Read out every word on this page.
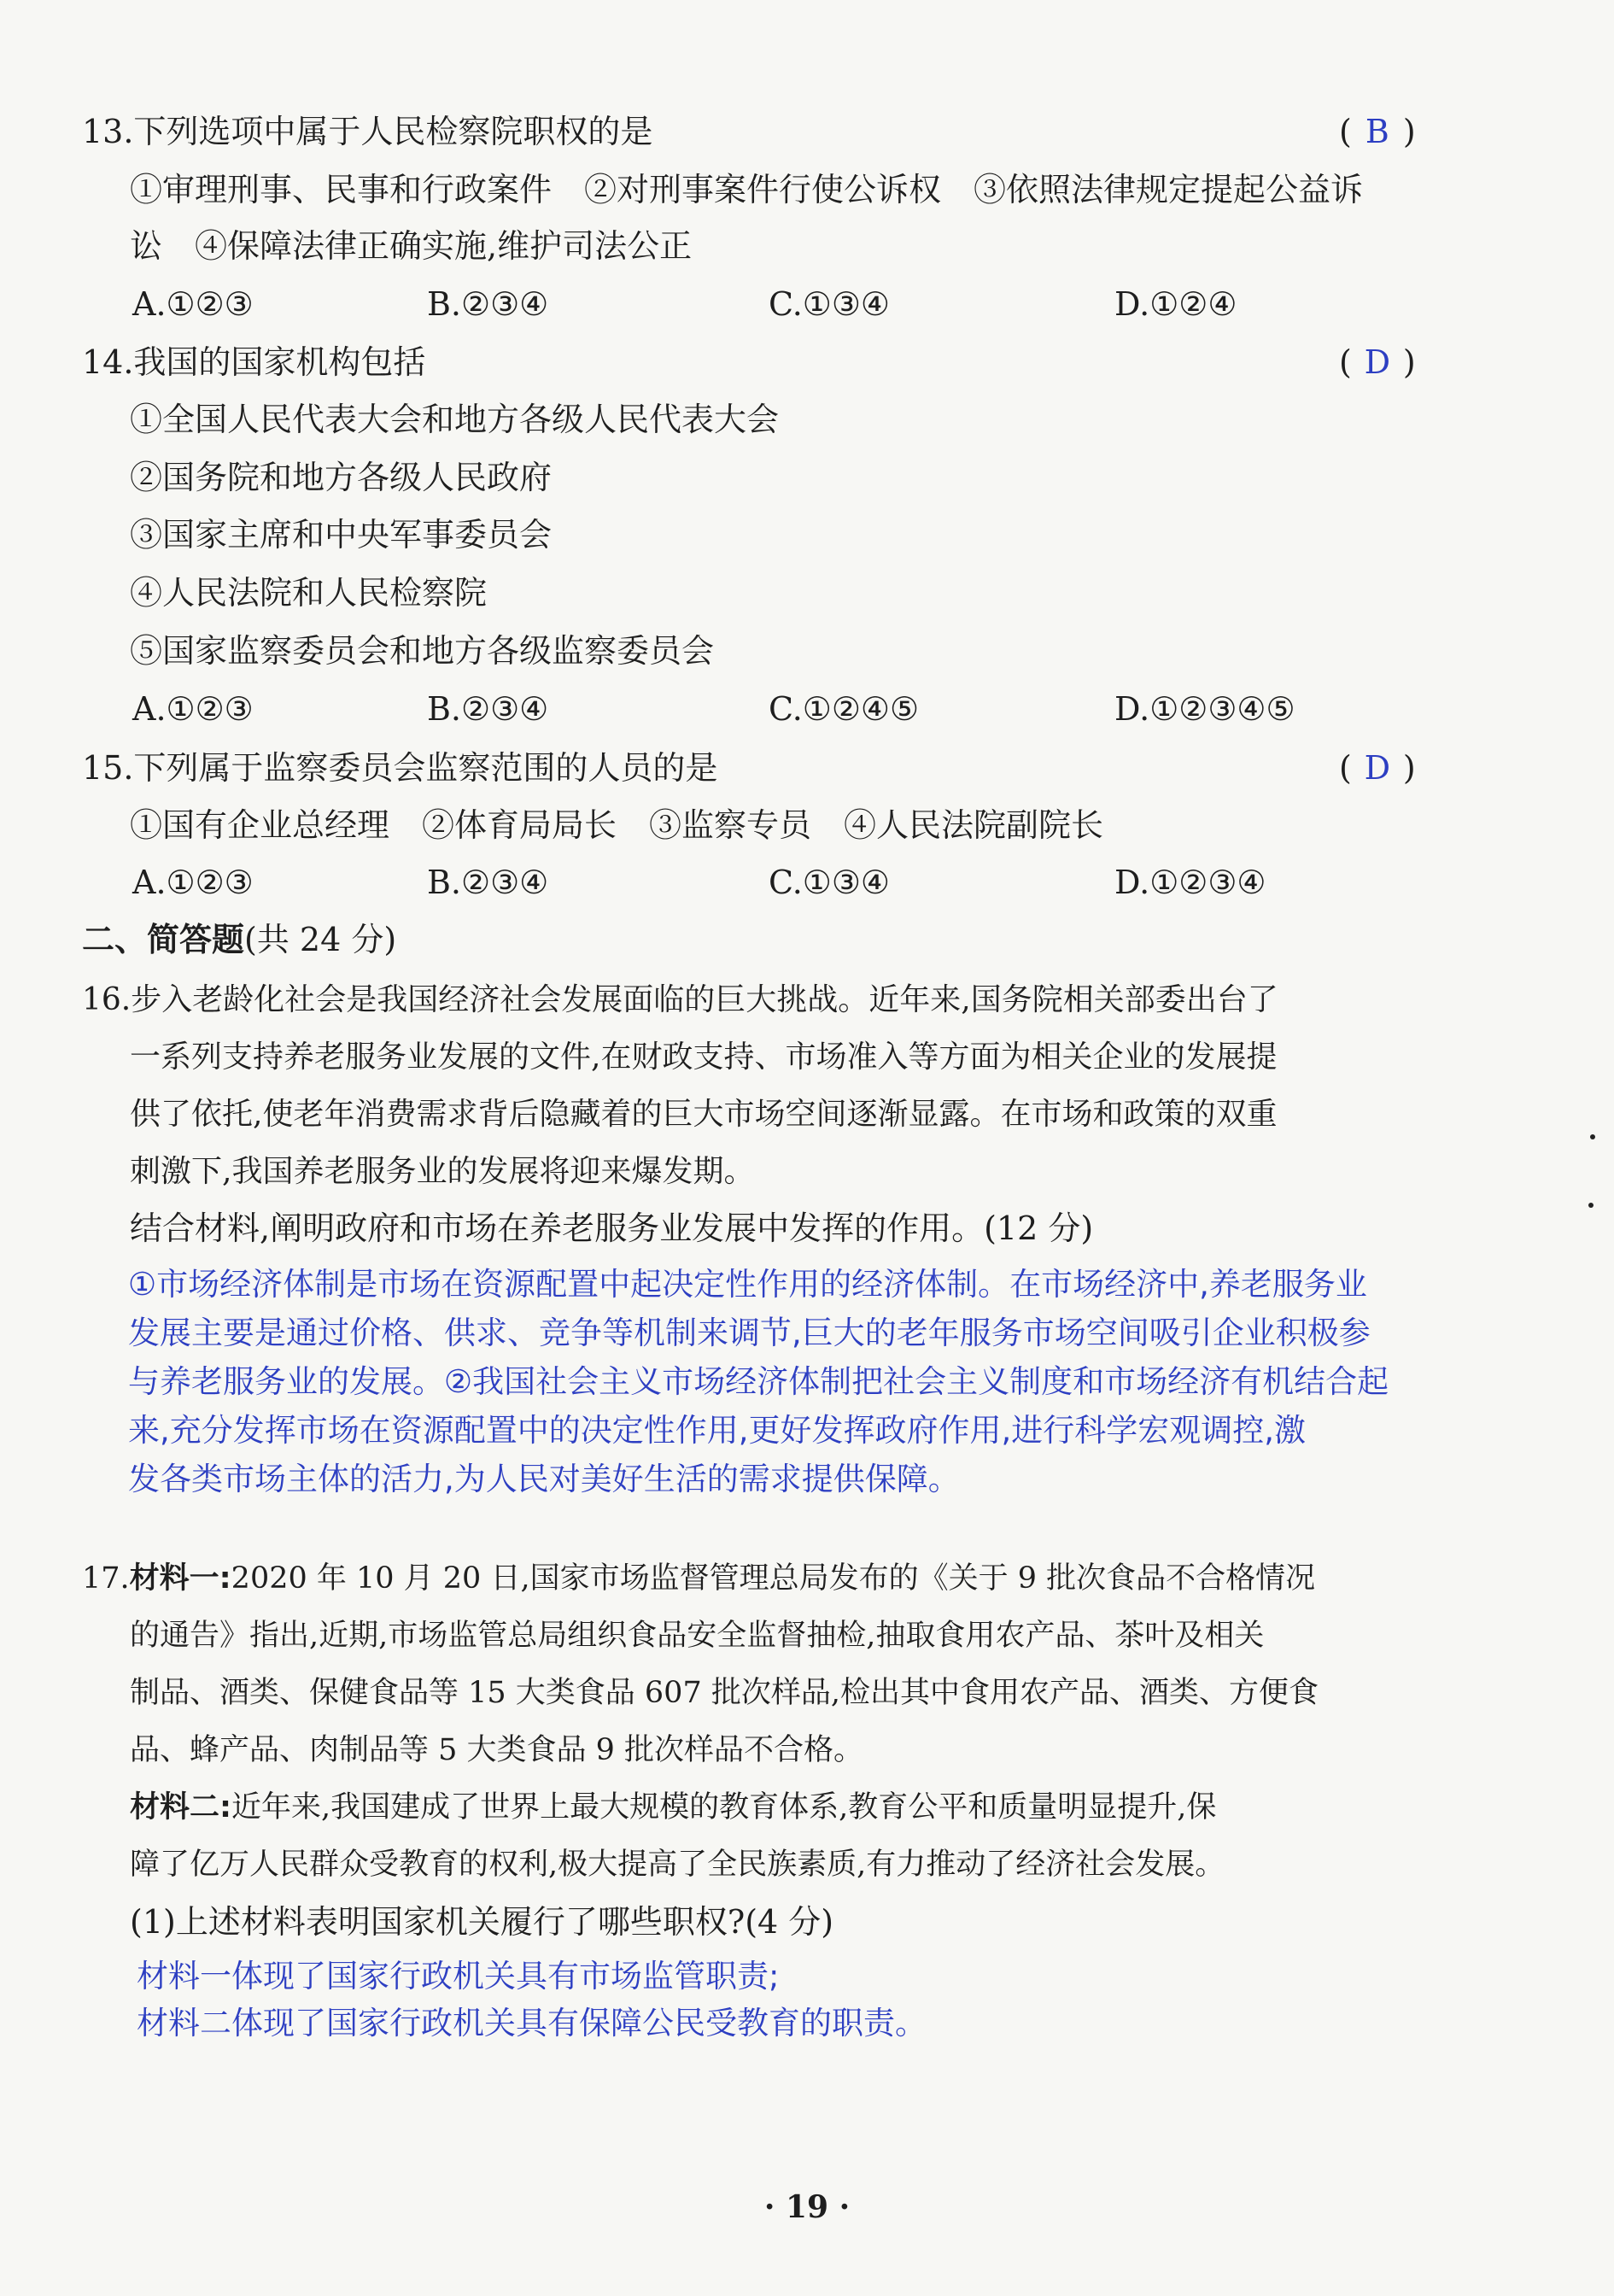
13.下列选项中属于人民检察院职权的是	( B )
①审理刑事、民事和行政案件　②对刑事案件行使公诉权　③依照法律规定提起公益诉
讼　④保障法律正确实施,维护司法公正
A.①②③	B.②③④	C.①③④	D.①②④
14.我国的国家机构包括	( D )
①全国人民代表大会和地方各级人民代表大会
②国务院和地方各级人民政府
③国家主席和中央军事委员会
④人民法院和人民检察院
⑤国家监察委员会和地方各级监察委员会
A.①②③	B.②③④	C.①②④⑤	D.①②③④⑤
15.下列属于监察委员会监察范围的人员的是	( D )
①国有企业总经理　②体育局局长　③监察专员　④人民法院副院长
A.①②③	B.②③④	C.①③④	D.①②③④
二、简答题(共 24 分)
16.步入老龄化社会是我国经济社会发展面临的巨大挑战。近年来,国务院相关部委出台了
一系列支持养老服务业发展的文件,在财政支持、市场准入等方面为相关企业的发展提
供了依托,使老年消费需求背后隐藏着的巨大市场空间逐渐显露。在市场和政策的双重
刺激下,我国养老服务业的发展将迎来爆发期。
结合材料,阐明政府和市场在养老服务业发展中发挥的作用。(12 分)
①市场经济体制是市场在资源配置中起决定性作用的经济体制。在市场经济中,养老服务业
发展主要是通过价格、供求、竞争等机制来调节,巨大的老年服务市场空间吸引企业积极参
与养老服务业的发展。②我国社会主义市场经济体制把社会主义制度和市场经济有机结合起
来,充分发挥市场在资源配置中的决定性作用,更好发挥政府作用,进行科学宏观调控,激
发各类市场主体的活力,为人民对美好生活的需求提供保障。
17.材料一:2020 年 10 月 20 日,国家市场监督管理总局发布的《关于 9 批次食品不合格情况
的通告》指出,近期,市场监管总局组织食品安全监督抽检,抽取食用农产品、茶叶及相关
制品、酒类、保健食品等 15 大类食品 607 批次样品,检出其中食用农产品、酒类、方便食
品、蜂产品、肉制品等 5 大类食品 9 批次样品不合格。
材料二:近年来,我国建成了世界上最大规模的教育体系,教育公平和质量明显提升,保
障了亿万人民群众受教育的权利,极大提高了全民族素质,有力推动了经济社会发展。
(1)上述材料表明国家机关履行了哪些职权?(4 分)
材料一体现了国家行政机关具有市场监管职责;
材料二体现了国家行政机关具有保障公民受教育的职责。
· 19 ·
